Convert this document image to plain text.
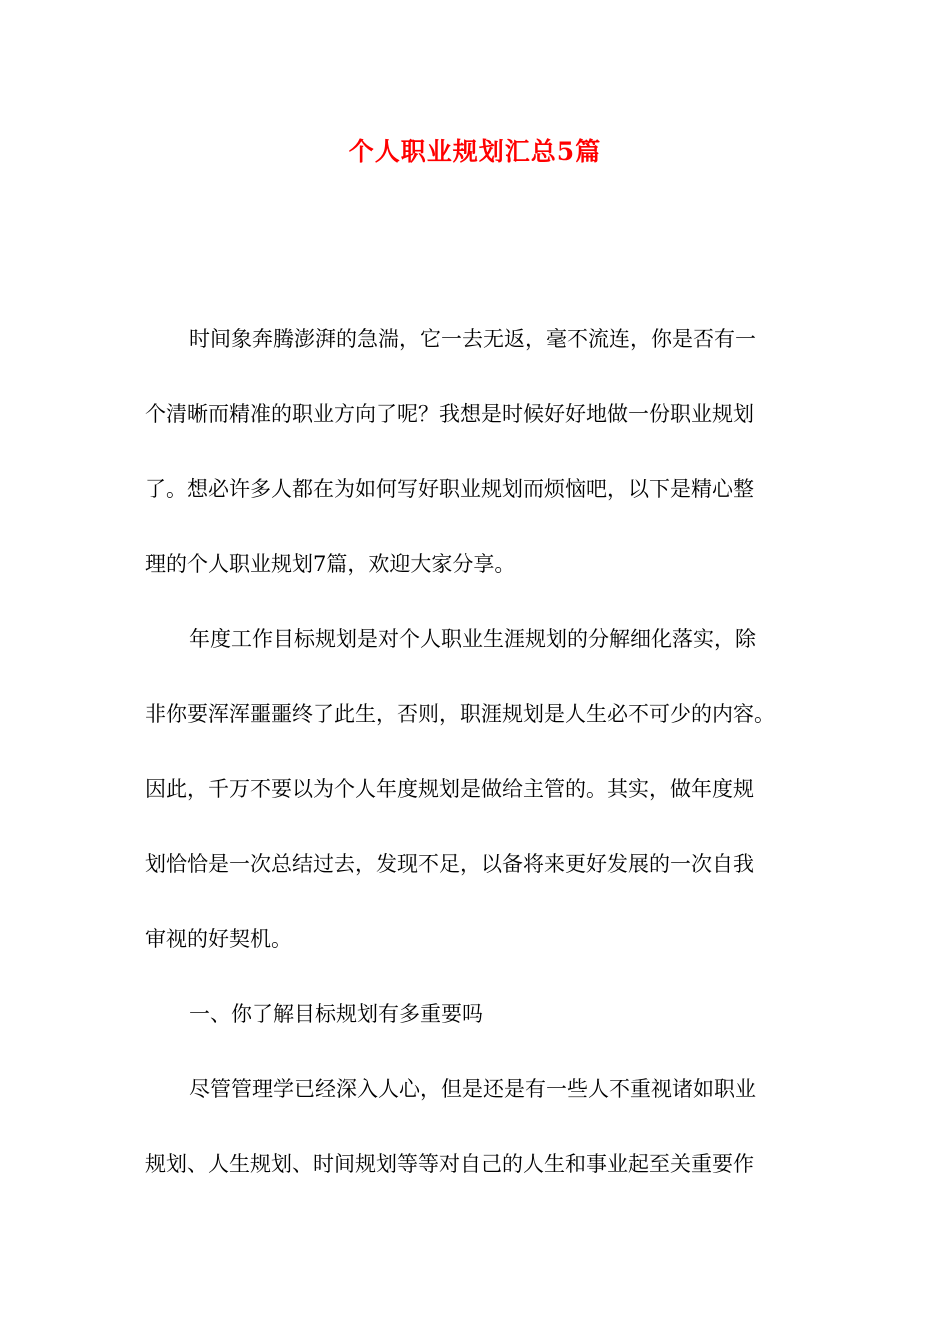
个人职业规划汇总5篇

时间象奔腾澎湃的急湍，它一去无返，毫不流连，你是否有一

个清晰而精准的职业方向了呢？我想是时候好好地做一份职业规划

了。想必许多人都在为如何写好职业规划而烦恼吧，以下是精心整

理的个人职业规划7篇，欢迎大家分享。

年度工作目标规划是对个人职业生涯规划的分解细化落实，除

非你要浑浑噩噩终了此生，否则，职涯规划是人生必不可少的内容。

因此，千万不要以为个人年度规划是做给主管的。其实，做年度规

划恰恰是一次总结过去，发现不足，以备将来更好发展的一次自我

审视的好契机。

一、你了解目标规划有多重要吗

尽管管理学已经深入人心，但是还是有一些人不重视诸如职业

规划、人生规划、时间规划等等对自己的人生和事业起至关重要作
